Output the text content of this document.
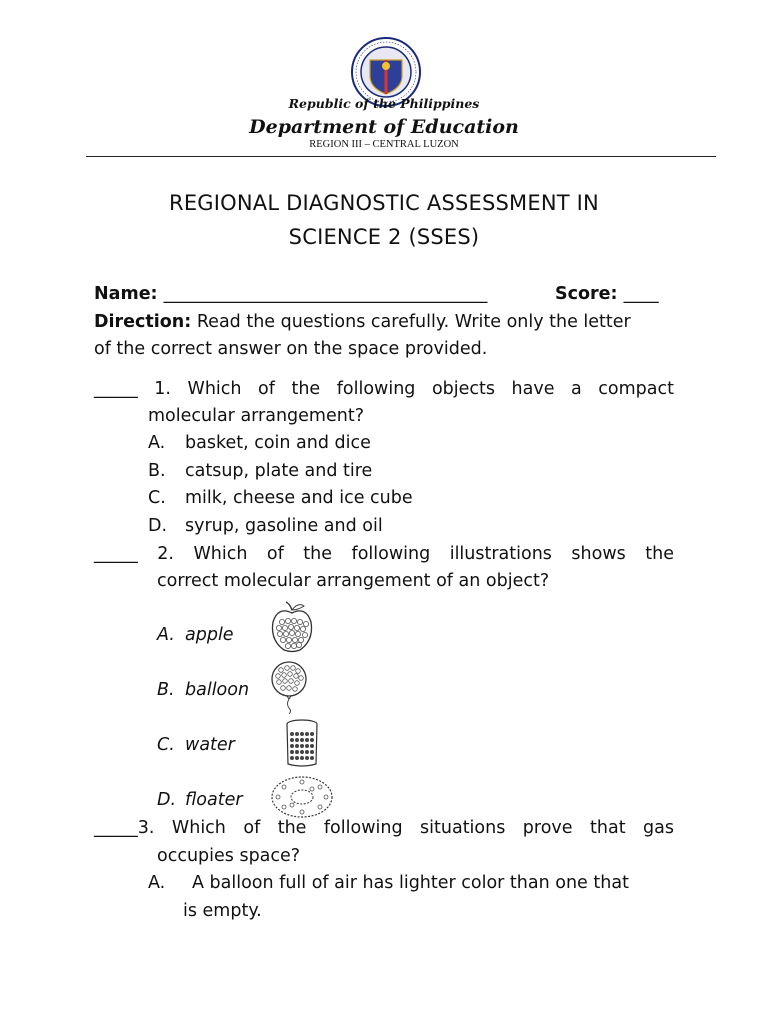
Republic of the Philippines
Department of Education
REGION III – CENTRAL LUZON
REGIONAL DIAGNOSTIC ASSESSMENT IN
SCIENCE 2 (SSES)
Name: _____________________________________	Score: ____
Direction: Read the questions carefully. Write only the letter
of the correct answer on the space provided.
_____ 1. Which of the following objects have a compact
molecular arrangement?
A. basket, coin and dice
B. catsup, plate and tire
C. milk, cheese and ice cube
D. syrup, gasoline and oil
_____ 2. Which of the following illustrations shows the
correct molecular arrangement of an object?
A. apple
B. balloon
C. water
D. floater
_____3. Which of the following situations prove that gas
occupies space?
A. A balloon full of air has lighter color than one that
is empty.
